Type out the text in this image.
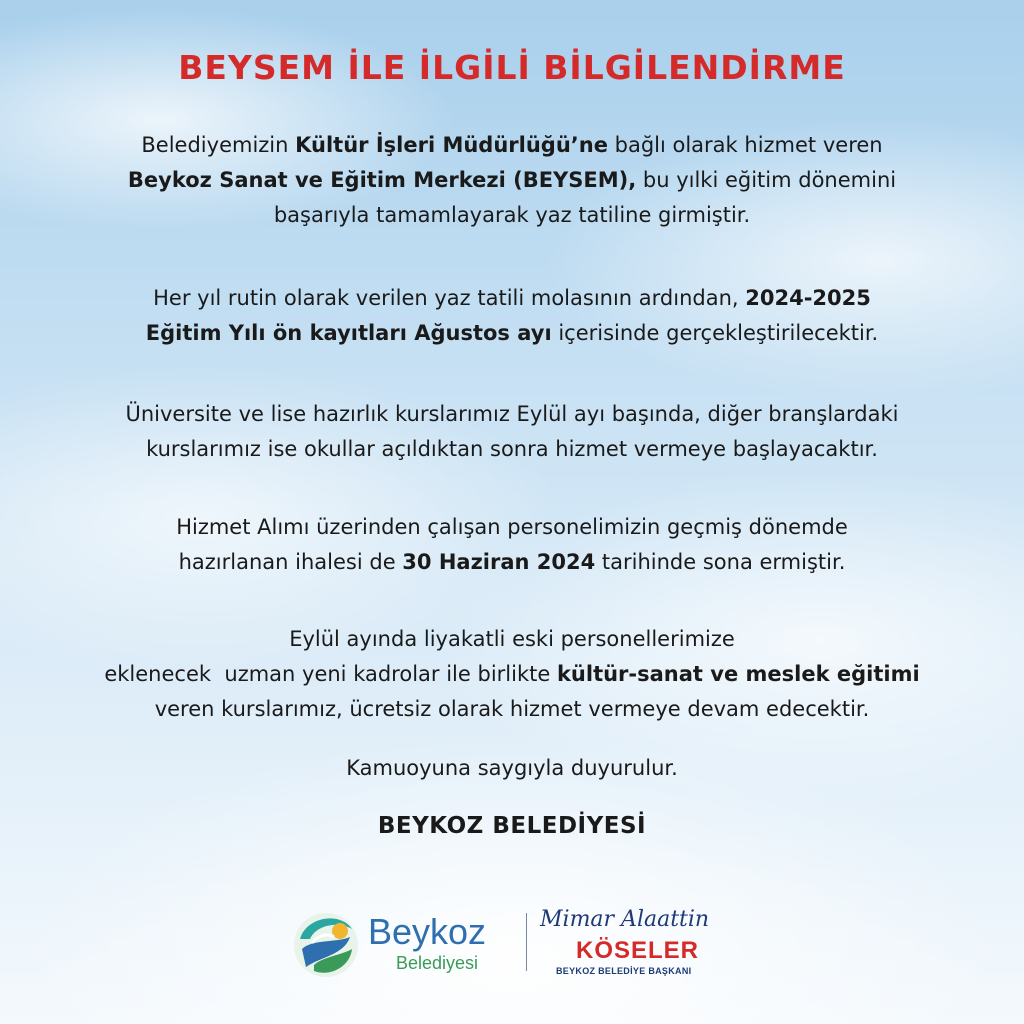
BEYSEM İLE İLGİLİ BİLGİLENDİRME
Belediyemizin Kültür İşleri Müdürlüğü’ne bağlı olarak hizmet veren
Beykoz Sanat ve Eğitim Merkezi (BEYSEM), bu yılki eğitim dönemini
başarıyla tamamlayarak yaz tatiline girmiştir.
Her yıl rutin olarak verilen yaz tatili molasının ardından, 2024-2025
Eğitim Yılı ön kayıtları Ağustos ayı içerisinde gerçekleştirilecektir.
Üniversite ve lise hazırlık kurslarımız Eylül ayı başında, diğer branşlardaki
kurslarımız ise okullar açıldıktan sonra hizmet vermeye başlayacaktır.
Hizmet Alımı üzerinden çalışan personelimizin geçmiş dönemde
hazırlanan ihalesi de 30 Haziran 2024 tarihinde sona ermiştir.
Eylül ayında liyakatli eski personellerimize
eklenecek  uzman yeni kadrolar ile birlikte kültür-sanat ve meslek eğitimi
veren kurslarımız, ücretsiz olarak hizmet vermeye devam edecektir.
Kamuoyuna saygıyla duyurulur.
BEYKOZ BELEDİYESİ
Beykoz
Belediyesi
Mimar Alaattin
KÖSELER
BEYKOZ BELEDİYE BAŞKANI
